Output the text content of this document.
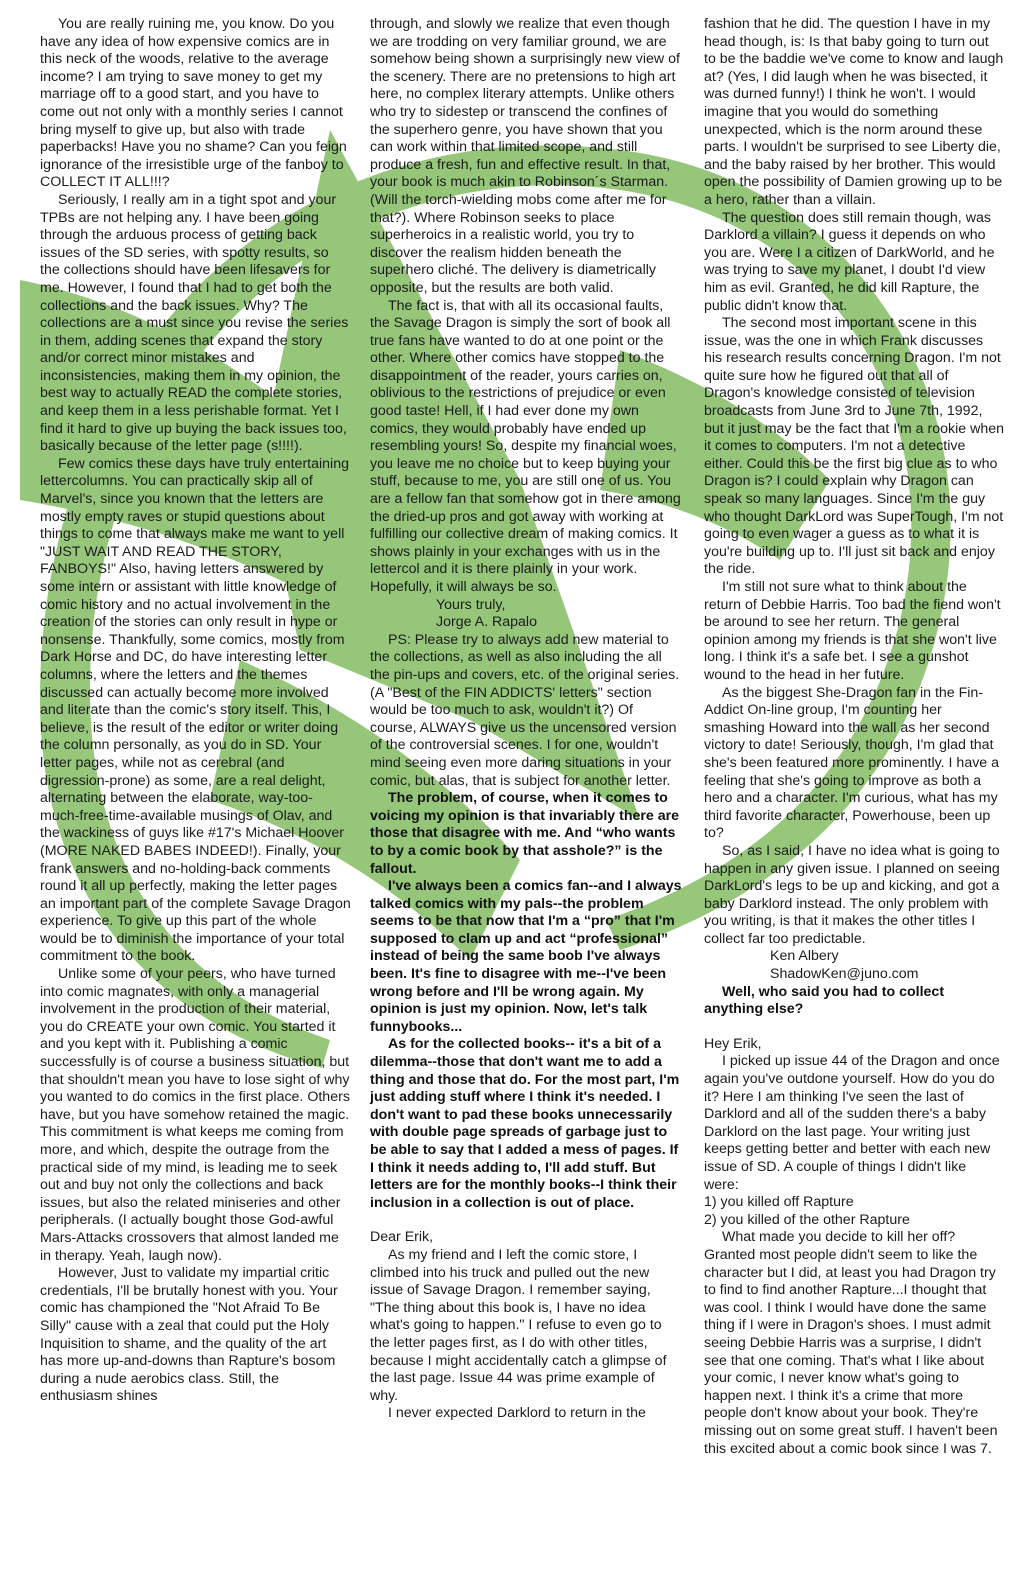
You are really ruining me, you know. Do you have any idea of how expensive comics are in this neck of the woods, relative to the average income? I am trying to save money to get my marriage off to a good start, and you have to come out not only with a monthly series I cannot bring myself to give up, but also with trade paperbacks! Have you no shame? Can you feign ignorance of the irresistible urge of the fanboy to COLLECT IT ALL!!!?

Seriously, I really am in a tight spot and your TPBs are not helping any. I have been going through the arduous process of getting back issues of the SD series, with spotty results, so the collections should have been lifesavers for me. However, I found that I had to get both the collections and the back issues. Why? The collections are a must since you revise the series in them, adding scenes that expand the story and/or correct minor mistakes and inconsistencies, making them in my opinion, the best way to actually READ the complete stories, and keep them in a less perishable format. Yet I find it hard to give up buying the back issues too, basically because of the letter page (s!!!!).

Few comics these days have truly entertaining lettercolumns. You can practically skip all of Marvel's, since you known that the letters are mostly empty raves or stupid questions about things to come that always make me want to yell "JUST WAIT AND READ THE STORY, FANBOYS!" Also, having letters answered by some intern or assistant with little knowledge of comic history and no actual involvement in the creation of the stories can only result in hype or nonsense. Thankfully, some comics, mostly from Dark Horse and DC, do have interesting letter columns, where the letters and the themes discussed can actually become more involved and literate than the comic's story itself. This, I believe, is the result of the editor or writer doing the column personally, as you do in SD. Your letter pages, while not as cerebral (and digression-prone) as some, are a real delight, alternating between the elaborate, way-too-much-free-time-available musings of Olav, and the wackiness of guys like #17's Michael Hoover (MORE NAKED BABES INDEED!). Finally, your frank answers and no-holding-back comments round it all up perfectly, making the letter pages an important part of the complete Savage Dragon experience. To give up this part of the whole would be to diminish the importance of your total commitment to the book.

Unlike some of your peers, who have turned into comic magnates, with only a managerial involvement in the production of their material, you do CREATE your own comic. You started it and you kept with it. Publishing a comic successfully is of course a business situation, but that shouldn't mean you have to lose sight of why you wanted to do comics in the first place. Others have, but you have somehow retained the magic. This commitment is what keeps me coming from more, and which, despite the outrage from the practical side of my mind, is leading me to seek out and buy not only the collections and back issues, but also the related miniseries and other peripherals. (I actually bought those God-awful Mars-Attacks crossovers that almost landed me in therapy. Yeah, laugh now).

However, Just to validate my impartial critic credentials, I'll be brutally honest with you. Your comic has championed the "Not Afraid To Be Silly" cause with a zeal that could put the Holy Inquisition to shame, and the quality of the art has more up-and-downs than Rapture's bosom during a nude aerobics class. Still, the enthusiasm shines

through, and slowly we realize that even though we are trodding on very familiar ground, we are somehow being shown a surprisingly new view of the scenery. There are no pretensions to high art here, no complex literary attempts. Unlike others who try to sidestep or transcend the confines of the superhero genre, you have shown that you can work within that limited scope, and still produce a fresh, fun and effective result. In that, your book is much akin to Robinson´s Starman. (Will the torch-wielding mobs come after me for that?). Where Robinson seeks to place superheroics in a realistic world, you try to discover the realism hidden beneath the superhero cliché. The delivery is diametrically opposite, but the results are both valid.

The fact is, that with all its occasional faults, the Savage Dragon is simply the sort of book all true fans have wanted to do at one point or the other. Where other comics have stopped to the disappointment of the reader, yours carries on, oblivious to the restrictions of prejudice or even good taste! Hell, if I had ever done my own comics, they would probably have ended up resembling yours! So, despite my financial woes, you leave me no choice but to keep buying your stuff, because to me, you are still one of us. You are a fellow fan that somehow got in there among the dried-up pros and got away with working at fulfilling our collective dream of making comics. It shows plainly in your exchanges with us in the lettercol and it is there plainly in your work. Hopefully, it will always be so.

Yours truly,

Jorge A. Rapalo

PS: Please try to always add new material to the collections, as well as also including the all the pin-ups and covers, etc. of the original series. (A "Best of the FIN ADDICTS' letters" section would be too much to ask, wouldn't it?) Of course, ALWAYS give us the uncensored version of the controversial scenes. I for one, wouldn't mind seeing even more daring situations in your comic, but alas, that is subject for another letter.

The problem, of course, when it comes to voicing my opinion is that invariably there are those that disagree with me. And “who wants to by a comic book by that asshole?” is the fallout.

I've always been a comics fan--and I always talked comics with my pals--the problem seems to be that now that I'm a “pro” that I'm supposed to clam up and act “professional” instead of being the same boob I've always been. It's fine to disagree with me--I've been wrong before and I'll be wrong again. My opinion is just my opinion. Now, let's talk funnybooks...

As for the collected books-- it's a bit of a dilemma--those that don't want me to add a thing and those that do. For the most part, I'm just adding stuff where I think it's needed. I don't want to pad these books unnecessarily with double page spreads of garbage just to be able to say that I added a mess of pages. If I think it needs adding to, I'll add stuff. But letters are for the monthly books--I think their inclusion in a collection is out of place.

Dear Erik,

As my friend and I left the comic store, I climbed into his truck and pulled out the new issue of Savage Dragon. I remember saying, "The thing about this book is, I have no idea what's going to happen." I refuse to even go to the letter pages first, as I do with other titles, because I might accidentally catch a glimpse of the last page. Issue 44 was prime example of why.

I never expected Darklord to return in the

fashion that he did. The question I have in my head though, is: Is that baby going to turn out to be the baddie we've come to know and laugh at? (Yes, I did laugh when he was bisected, it was durned funny!) I think he won't. I would imagine that you would do something unexpected, which is the norm around these parts. I wouldn't be surprised to see Liberty die, and the baby raised by her brother. This would open the possibility of Damien growing up to be a hero, rather than a villain.

The question does still remain though, was Darklord a villain? I guess it depends on who you are. Were I a citizen of DarkWorld, and he was trying to save my planet, I doubt I'd view him as evil. Granted, he did kill Rapture, the public didn't know that.

The second most important scene in this issue, was the one in which Frank discusses his research results concerning Dragon. I'm not quite sure how he figured out that all of Dragon's knowledge consisted of television broadcasts from June 3rd to June 7th, 1992, but it just may be the fact that I'm a rookie when it comes to computers. I'm not a detective either. Could this be the first big clue as to who Dragon is? I could explain why Dragon can speak so many languages. Since I'm the guy who thought DarkLord was SuperTough, I'm not going to even wager a guess as to what it is you're building up to. I'll just sit back and enjoy the ride.

I'm still not sure what to think about the return of Debbie Harris. Too bad the fiend won't be around to see her return. The general opinion among my friends is that she won't live long. I think it's a safe bet. I see a gunshot wound to the head in her future.

As the biggest She-Dragon fan in the Fin-Addict On-line group, I'm counting her smashing Howard into the wall as her second victory to date! Seriously, though, I'm glad that she's been featured more prominently. I have a feeling that she's going to improve as both a hero and a character. I'm curious, what has my third favorite character, Powerhouse, been up to?

So, as I said, I have no idea what is going to happen in any given issue. I planned on seeing DarkLord's legs to be up and kicking, and got a baby Darklord instead. The only problem with you writing, is that it makes the other titles I collect far too predictable.

Ken Albery

ShadowKen@juno.com

Well, who said you had to collect anything else?

Hey Erik,

I picked up issue 44 of the Dragon and once again you've outdone yourself. How do you do it? Here I am thinking I've seen the last of Darklord and all of the sudden there's a baby Darklord on the last page. Your writing just keeps getting better and better with each new issue of SD. A couple of things I didn't like were:

1) you killed off Rapture

2) you killed of the other Rapture

What made you decide to kill her off? Granted most people didn't seem to like the character but I did, at least you had Dragon try to find to find another Rapture...I thought that was cool. I think I would have done the same thing if I were in Dragon's shoes. I must admit seeing Debbie Harris was a surprise, I didn't see that one coming. That's what I like about your comic, I never know what's going to happen next. I think it's a crime that more people don't know about your book. They're missing out on some great stuff. I haven't been this excited about a comic book since I was 7.
